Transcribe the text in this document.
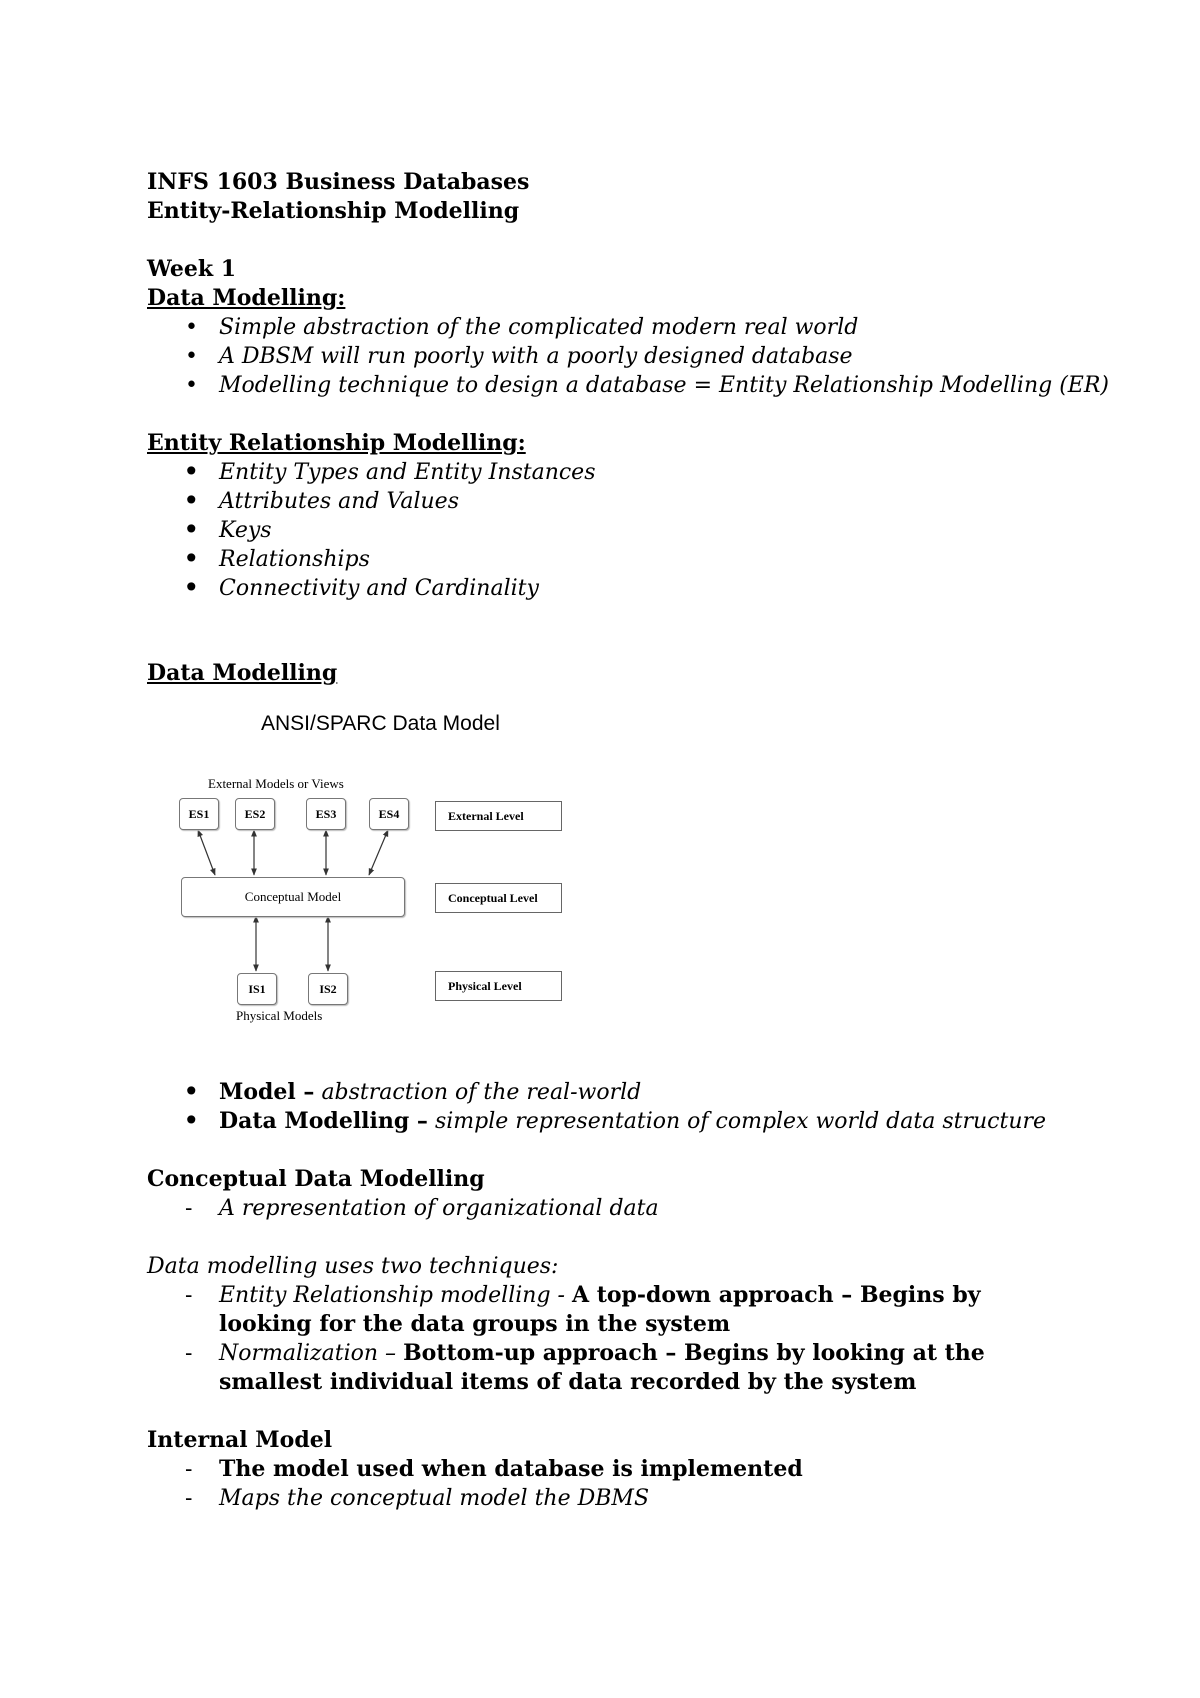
INFS 1603 Business Databases
Entity-Relationship Modelling
Week 1
Data Modelling:
• Simple abstraction of the complicated modern real world
• A DBSM will run poorly with a poorly designed database
• Modelling technique to design a database = Entity Relationship Modelling (ER)
Entity Relationship Modelling:
• Entity Types and Entity Instances
• Attributes and Values
• Keys
• Relationships
• Connectivity and Cardinality
Data Modelling
• Model – abstraction of the real-world
• Data Modelling – simple representation of complex world data structure
Conceptual Data Modelling
- A representation of organizational data
Data modelling uses two techniques:
- Entity Relationship modelling - A top-down approach – Begins by looking for the data groups in the system
- Normalization – Bottom-up approach – Begins by looking at the smallest individual items of data recorded by the system
Internal Model
- The model used when database is implemented
- Maps the conceptual model the DBMS
ANSI/SPARC Data Model
External Models or Views
ES1	ES2	ES3	ES4
Conceptual Model
IS1	IS2
Physical Models
External Level
Conceptual Level
Physical Level
